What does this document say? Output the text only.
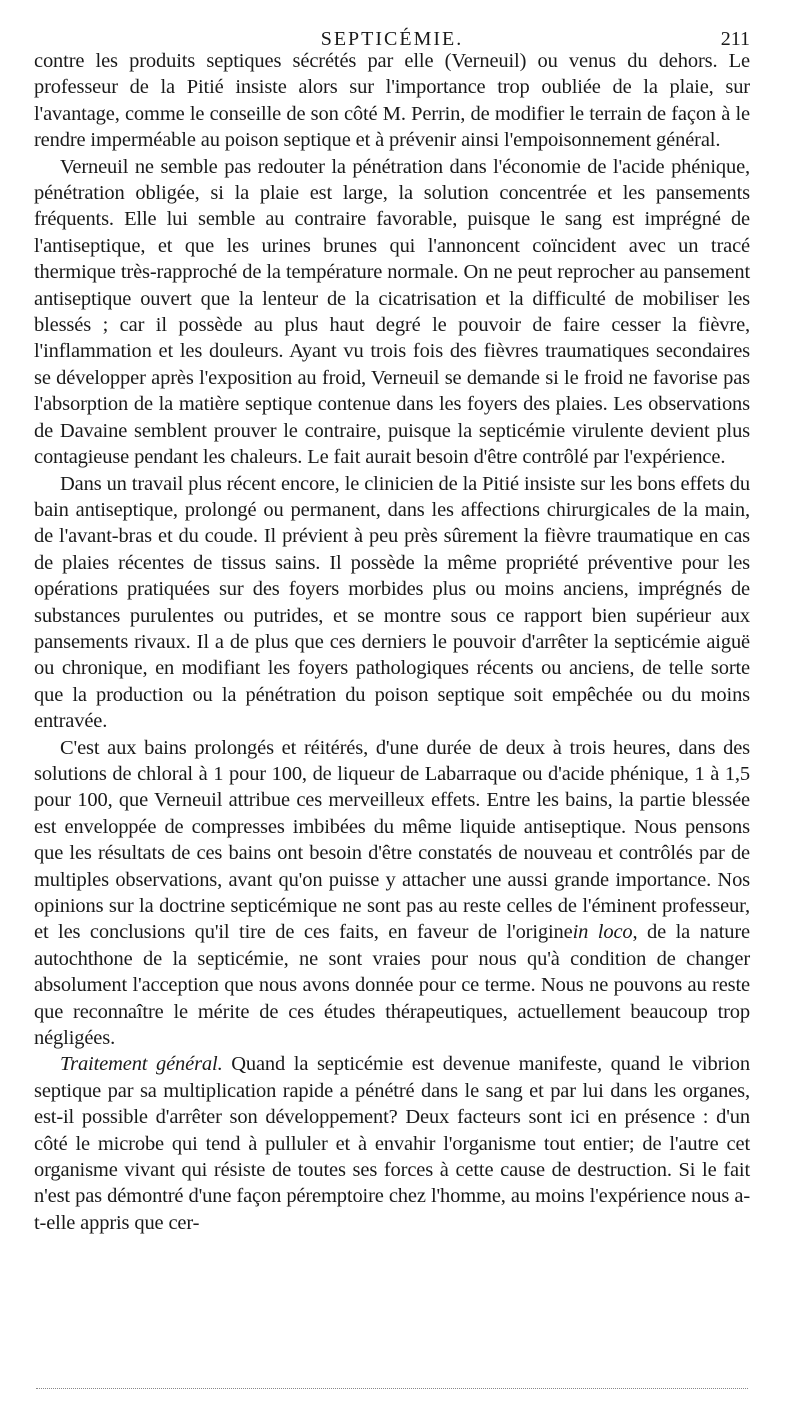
SEPTICÉMIE.	211

contre les produits septiques sécrétés par elle (Verneuil) ou venus du dehors. Le professeur de la Pitié insiste alors sur l'importance trop oubliée de la plaie, sur l'avantage, comme le conseille de son côté M. Perrin, de modifier le terrain de façon à le rendre imperméable au poison septique et à prévenir ainsi l'empoisonnement général.

Verneuil ne semble pas redouter la pénétration dans l'économie de l'acide phénique, pénétration obligée, si la plaie est large, la solution concentrée et les pansements fréquents. Elle lui semble au contraire favorable, puisque le sang est imprégné de l'antiseptique, et que les urines brunes qui l'annoncent coïncident avec un tracé thermique très-rapproché de la température normale. On ne peut reprocher au pansement antiseptique ouvert que la lenteur de la cicatrisation et la difficulté de mobiliser les blessés ; car il possède au plus haut degré le pouvoir de faire cesser la fièvre, l'inflammation et les douleurs. Ayant vu trois fois des fièvres traumatiques secondaires se développer après l'exposition au froid, Verneuil se demande si le froid ne favorise pas l'absorption de la matière septique contenue dans les foyers des plaies. Les observations de Davaine semblent prouver le contraire, puisque la septicémie virulente devient plus contagieuse pendant les chaleurs. Le fait aurait besoin d'être contrôlé par l'expérience.

Dans un travail plus récent encore, le clinicien de la Pitié insiste sur les bons effets du bain antiseptique, prolongé ou permanent, dans les affections chirurgicales de la main, de l'avant-bras et du coude. Il prévient à peu près sûrement la fièvre traumatique en cas de plaies récentes de tissus sains. Il possède la même propriété préventive pour les opérations pratiquées sur des foyers morbides plus ou moins anciens, imprégnés de substances purulentes ou putrides, et se montre sous ce rapport bien supérieur aux pansements rivaux. Il a de plus que ces derniers le pouvoir d'arrêter la septicémie aiguë ou chronique, en modifiant les foyers pathologiques récents ou anciens, de telle sorte que la production ou la pénétration du poison septique soit empêchée ou du moins entravée.

C'est aux bains prolongés et réitérés, d'une durée de deux à trois heures, dans des solutions de chloral à 1 pour 100, de liqueur de Labarraque ou d'acide phénique, 1 à 1,5 pour 100, que Verneuil attribue ces merveilleux effets. Entre les bains, la partie blessée est enveloppée de compresses imbibées du même liquide antiseptique. Nous pensons que les résultats de ces bains ont besoin d'être constatés de nouveau et contrôlés par de multiples observations, avant qu'on puisse y attacher une aussi grande importance. Nos opinions sur la doctrine septicémique ne sont pas au reste celles de l'éminent professeur, et les conclusions qu'il tire de ces faits, en faveur de l'originein loco, de la nature autochthone de la septicémie, ne sont vraies pour nous qu'à condition de changer absolument l'acception que nous avons donnée pour ce terme. Nous ne pouvons au reste que reconnaître le mérite de ces études thérapeutiques, actuellement beaucoup trop négligées.

Traitement général. Quand la septicémie est devenue manifeste, quand le vibrion septique par sa multiplication rapide a pénétré dans le sang et par lui dans les organes, est-il possible d'arrêter son développement? Deux facteurs sont ici en présence : d'un côté le microbe qui tend à pulluler et à envahir l'organisme tout entier; de l'autre cet organisme vivant qui résiste de toutes ses forces à cette cause de destruction. Si le fait n'est pas démontré d'une façon péremptoire chez l'homme, au moins l'expérience nous a-t-elle appris que cer-
